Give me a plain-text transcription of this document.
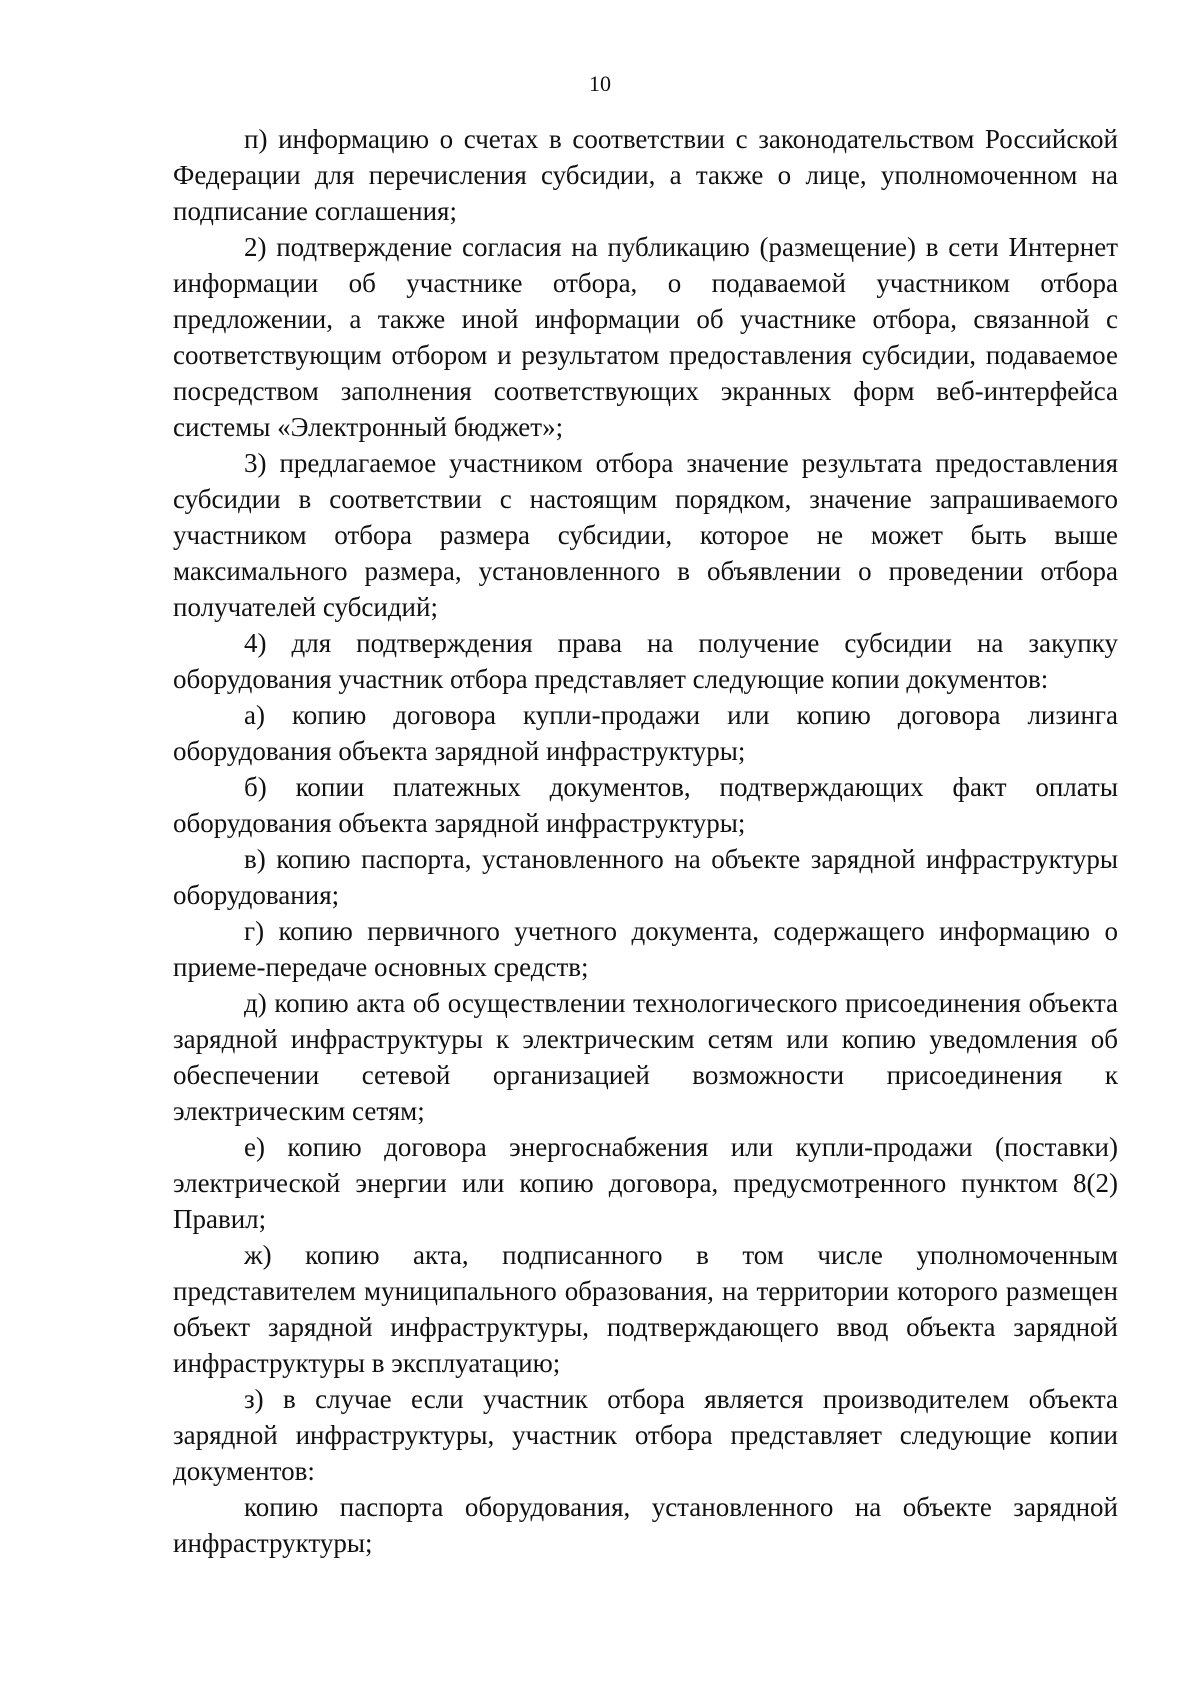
10

п) информацию о счетах в соответствии с законодательством Российской Федерации для перечисления субсидии, а также о лице, уполномоченном на подписание соглашения;

2) подтверждение согласия на публикацию (размещение) в сети Интернет информации об участнике отбора, о подаваемой участником отбора предложении, а также иной информации об участнике отбора, связанной с соответствующим отбором и результатом предоставления субсидии, подаваемое посредством заполнения соответствующих экранных форм веб-интерфейса системы «Электронный бюджет»;

3) предлагаемое участником отбора значение результата предоставления субсидии в соответствии с настоящим порядком, значение запрашиваемого участником отбора размера субсидии, которое не может быть выше максимального размера, установленного в объявлении о проведении отбора получателей субсидий;

4) для подтверждения права на получение субсидии на закупку оборудования участник отбора представляет следующие копии документов:

а) копию договора купли-продажи или копию договора лизинга оборудования объекта зарядной инфраструктуры;

б) копии платежных документов, подтверждающих факт оплаты оборудования объекта зарядной инфраструктуры;

в) копию паспорта, установленного на объекте зарядной инфраструктуры оборудования;

г) копию первичного учетного документа, содержащего информацию о приеме-передаче основных средств;

д) копию акта об осуществлении технологического присоединения объекта зарядной инфраструктуры к электрическим сетям или копию уведомления об обеспечении сетевой организацией возможности присоединения к электрическим сетям;

е) копию договора энергоснабжения или купли-продажи (поставки) электрической энергии или копию договора, предусмотренного пунктом 8(2) Правил;

ж) копию акта, подписанного в том числе уполномоченным представителем муниципального образования, на территории которого размещен объект зарядной инфраструктуры, подтверждающего ввод объекта зарядной инфраструктуры в эксплуатацию;

з) в случае если участник отбора является производителем объекта зарядной инфраструктуры, участник отбора представляет следующие копии документов:

копию паспорта оборудования, установленного на объекте зарядной инфраструктуры;
